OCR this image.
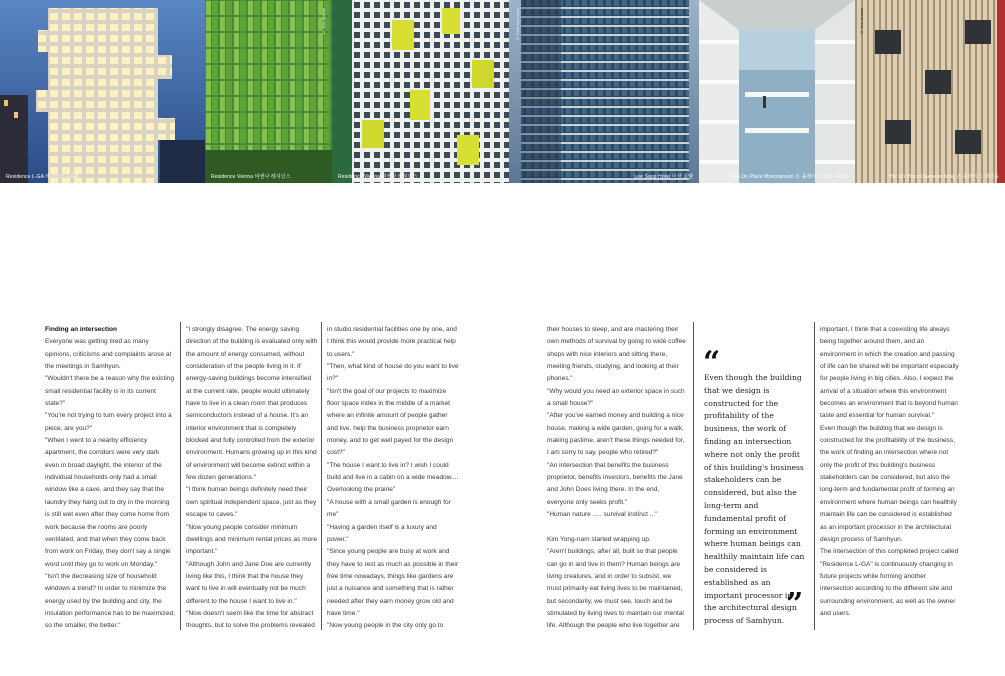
Residence L-GA 레지던스 L-GA
© Yoo Jeamin
Residence Vienna 비엔나 레지던스	Residence Vienna 비엔나 레지던스
© Park Wan-soon
Lee Sang Hotel 이상 호텔	The On Place Myeongnyun 온 플레이스 명륜 대명동
© Yoo Jeamin
The On Place Daeyeon-dong 온 플레이스 대연동

Finding an intersection

Everyone was getting tired as many opinions, criticisms and complaints arose at the meetings in Samhyun.

"Wouldn't there be a reason why the existing small residential facility is in its current state?"

"You're not trying to turn every project into a piece, are you?"

"When I went to a nearby efficiency apartment, the corridors were very dark even in broad daylight, the interior of the individual households only had a small window like a cave, and they say that the laundry they hang out to dry in the morning is still wet even after they come home from work because the rooms are poorly ventilated, and that when they come back from work on Friday, they don't say a single word until they go to work on Monday."

"Isn't the decreasing size of household windows a trend? In order to minimize the energy used by the building and city, the insulation performance has to be maximized, so the smaller, the better."

"I strongly disagree. The energy saving direction of the building is evaluated only with the amount of energy consumed, without consideration of the people living in it. If energy-saving buildings become intensified at the current rate, people would ultimately have to live in a clean room that produces semiconductors instead of a house. It's an interior environment that is completely blocked and fully controlled from the exterior environment. Humans growing up in this kind of environment will become extinct within a few dozen generations."

"I think human beings definitely need their own spiritual independent space, just as they escape to caves."

"Now young people consider minimum dwellings and minimum rental prices as more important."

"Although John and Jane Doe are currently living like this, I think that the house they want to live in will eventually not be much different to the house I want to live in."

"Now doesn't seem like the time for abstract thoughts, but to solve the problems revealed

in studio residential facilities one by one, and I think this would provide more practical help to users."

"Then, what kind of house do you want to live in?"

"Isn't the goal of our projects to maximize floor space index in the middle of a market where an infinite amount of people gather and live, help the business proprietor earn money, and to get well payed for the design cost?"

"The house I want to live in? I wish I could build and live in a cabin on a wide meadow.... Overlooking the prairie"

"A house with a small garden is enough for me"

"Having a garden itself is a luxury and power."

"Since young people are busy at work and they have to rest as much as possible in their free time nowadays, things like gardens are just a nuisance and something that is rather needed after they earn money grow old and have time."

"Now young people in the city only go to

their houses to sleep, and are mastering their own methods of survival by going to wide coffee shops with nice interiors and sitting there, meeting friends, studying, and looking at their phones."

"Why would you need an exterior space in such a small house?"

"After you've earned money and building a nice house, making a wide garden, going for a walk, making pastime, aren't these things needed for, I am sorry to say, people who retired?"

"An intersection that benefits the business proprietor, benefits investors, benefits the Jane and John Does living there. In the end, everyone only seeks profit."

"Human nature ..... survival instinct ..."

Kim Yong-nam started wrapping up.

"Aren't buildings, after all, built so that people can go in and live in them? Human beings are living creatures, and in order to subsist, we must primarily eat living lives to be maintained, but secondarily, we must see, touch and be stimulated by living lives to maintain our mental life. Although the people who live together are

“
Even though the building that we design is constructed for the profitability of the business, the work of finding an intersection where not only the profit of this building's business stakeholders can be considered, but also the long-term and fundamental profit of forming an environment where human beings can healthily maintain life can be considered is established as an important processor in the architectural design process of Samhyun. ”

important, I think that a coexisting life always being together around them, and an environment in which the creation and passing of life can be shared will be important especially for people living in big cities. Also, I expect the arrival of a situation where this environment becomes an environment that is beyond human taste and essential for human survival."

Even though the building that we design is constructed for the profitability of the business, the work of finding an intersection where not only the profit of this building's business stakeholders can be considered, but also the long-term and fundamental profit of forming an environment where human beings can healthily maintain life can be considered is established as an important processor in the architectural design process of Samhyun.

The intersection of this completed project called "Residence L-GA" is continuously changing in future projects while forming another intersection according to the different site and surrounding environment, as well as the owner and users.
